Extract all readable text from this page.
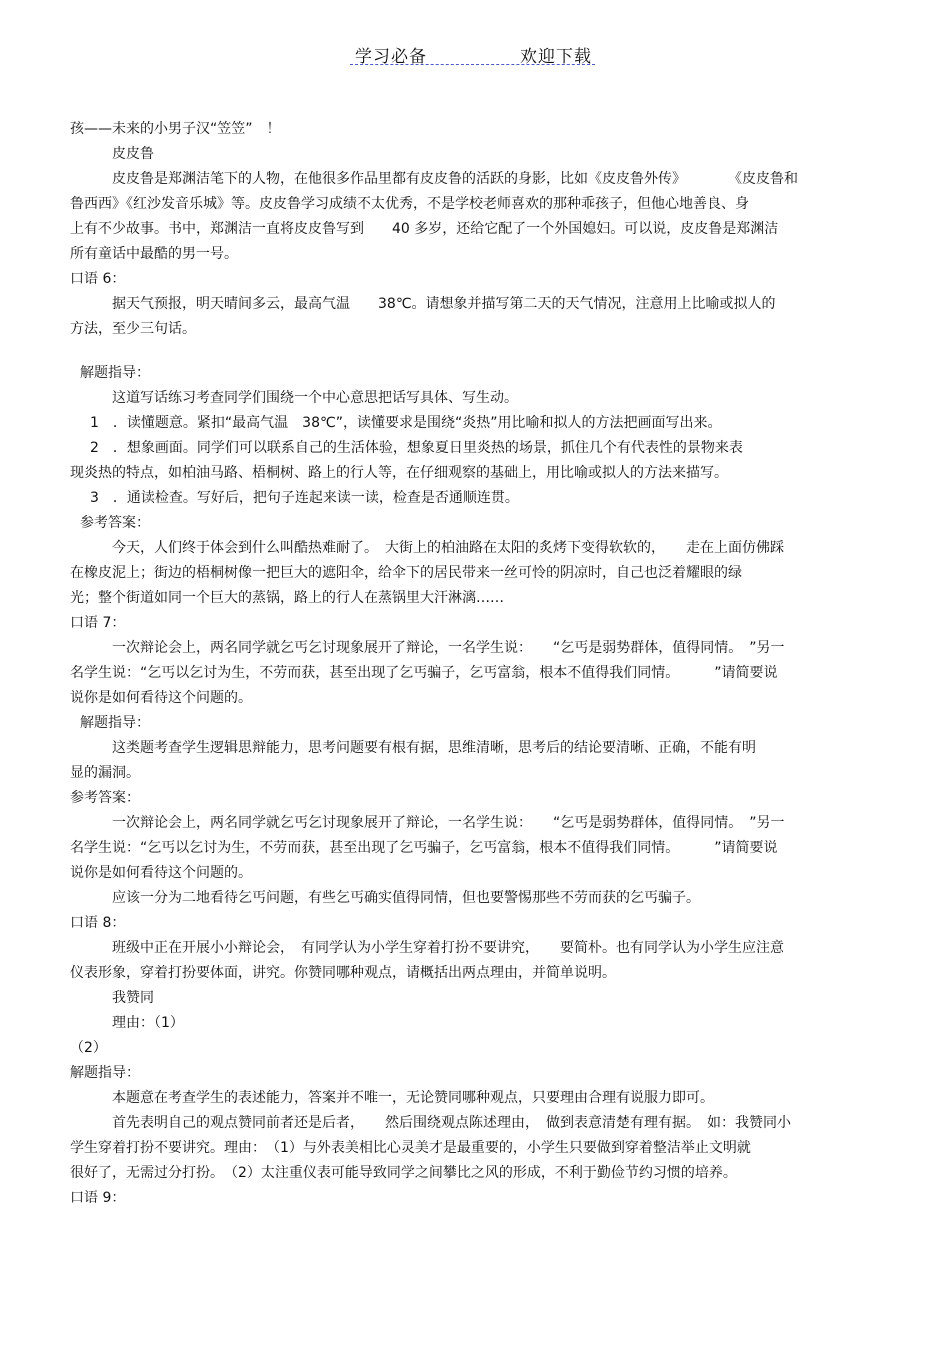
学习必备	欢迎下载
孩——未来的小男子汉“笠笠”　！
皮皮鲁
皮皮鲁是郑渊洁笔下的人物，在他很多作品里都有皮皮鲁的活跃的身影，比如《皮皮鲁外传》　　　　《皮皮鲁和
鲁西西》《红沙发音乐城》等。皮皮鲁学习成绩不太优秀，不是学校老师喜欢的那种乖孩子，但他心地善良、身
上有不少故事。书中，郑渊洁一直将皮皮鲁写到　　40 多岁，还给它配了一个外国媳妇。可以说，皮皮鲁是郑渊洁
所有童话中最酷的男一号。
口语 6：
据天气预报，明天晴间多云，最高气温　　38℃。请想象并描写第二天的天气情况，注意用上比喻或拟人的
方法，至少三句话。
解题指导：
这道写话练习考查同学们围绕一个中心意思把话写具体、写生动。
1　．读懂题意。紧扣“最高气温　38℃”，读懂要求是围绕“炎热”用比喻和拟人的方法把画面写出来。
2　．想象画面。同学们可以联系自己的生活体验，想象夏日里炎热的场景，抓住几个有代表性的景物来表
现炎热的特点，如柏油马路、梧桐树、路上的行人等，在仔细观察的基础上，用比喻或拟人的方法来描写。
3　．通读检查。写好后，把句子连起来读一读，检查是否通顺连贯。
参考答案：
今天，人们终于体会到什么叫酷热难耐了。　大街上的柏油路在太阳的炙烤下变得软软的，　　走在上面仿佛踩
在橡皮泥上；街边的梧桐树像一把巨大的遮阳伞，给伞下的居民带来一丝可怜的阴凉时，自己也泛着耀眼的绿
光；整个街道如同一个巨大的蒸锅，路上的行人在蒸锅里大汗淋漓……
口语 7：
一次辩论会上，两名同学就乞丐乞讨现象展开了辩论，一名学生说：　　“乞丐是弱势群体，值得同情。　”另一
名学生说：“乞丐以乞讨为生，不劳而获，甚至出现了乞丐骗子，乞丐富翁，根本不值得我们同情。　　　”请简要说
说你是如何看待这个问题的。
解题指导：
这类题考查学生逻辑思辩能力，思考问题要有根有据，思维清晰，思考后的结论要清晰、正确，不能有明
显的漏洞。
参考答案：
一次辩论会上，两名同学就乞丐乞讨现象展开了辩论，一名学生说：　　“乞丐是弱势群体，值得同情。　”另一
名学生说：“乞丐以乞讨为生，不劳而获，甚至出现了乞丐骗子，乞丐富翁，根本不值得我们同情。　　　”请简要说
说你是如何看待这个问题的。
应该一分为二地看待乞丐问题，有些乞丐确实值得同情，但也要警惕那些不劳而获的乞丐骗子。
口语 8：
班级中正在开展小小辩论会，　有同学认为小学生穿着打扮不要讲究，　　要简朴。也有同学认为小学生应注意
仪表形象，穿着打扮要体面，讲究。你赞同哪种观点，请概括出两点理由，并简单说明。
我赞同
理由：（1）
（2）
解题指导：
本题意在考查学生的表述能力，答案并不唯一，无论赞同哪种观点，只要理由合理有说服力即可。
首先表明自己的观点赞同前者还是后者，　　然后围绕观点陈述理由，　做到表意清楚有理有据。　如：我赞同小
学生穿着打扮不要讲究。理由：　（1）与外表美相比心灵美才是最重要的，小学生只要做到穿着整洁举止文明就
很好了，无需过分打扮。　（2）太注重仪表可能导致同学之间攀比之风的形成，不利于勤俭节约习惯的培养。
口语 9：
